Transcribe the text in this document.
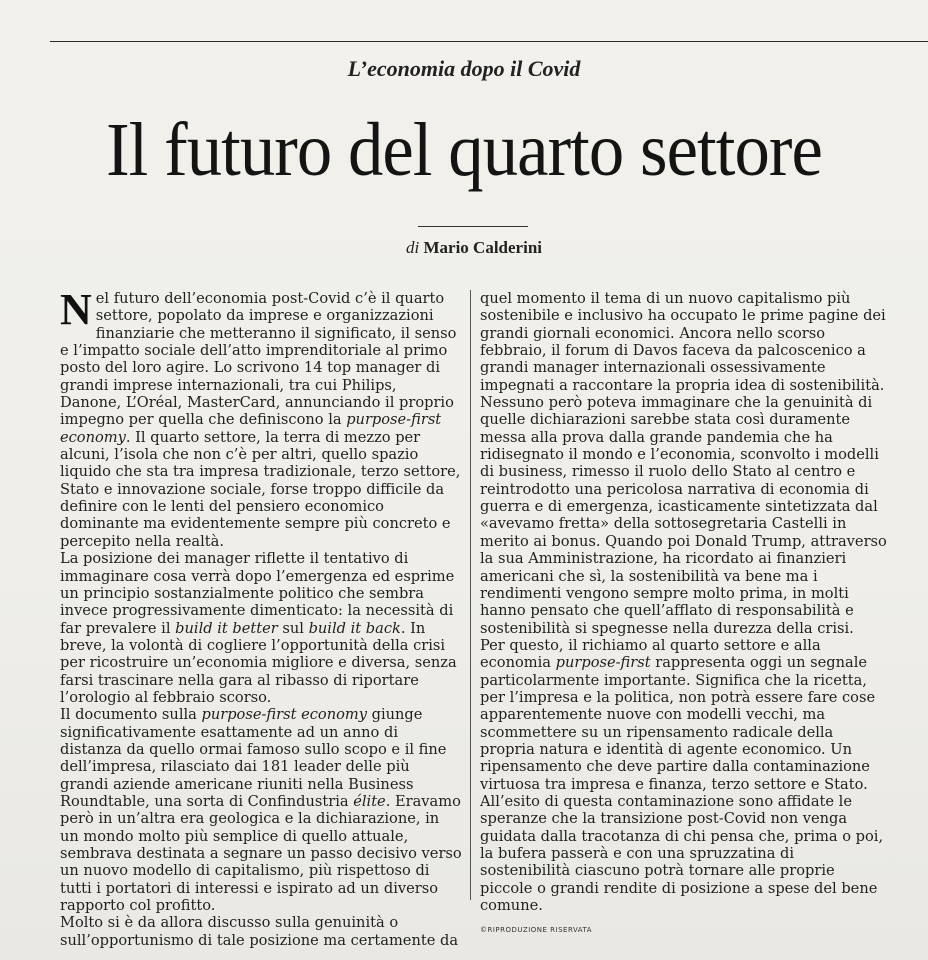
L’economia dopo il Covid
Il futuro del quarto settore
di Mario Calderini

Nel futuro dell’economia post-Covid c’è il quarto settore, popolato da imprese e organizzazioni finanziarie che metteranno il significato, il senso e l’impatto sociale dell’atto imprenditoriale al primo posto del loro agire. Lo scrivono 14 top manager di grandi imprese internazionali, tra cui Philips, Danone, L’Oréal, MasterCard, annunciando il proprio impegno per quella che definiscono la purpose-first economy. Il quarto settore, la terra di mezzo per alcuni, l’isola che non c’è per altri, quello spazio liquido che sta tra impresa tradizionale, terzo settore, Stato e innovazione sociale, forse troppo difficile da definire con le lenti del pensiero economico dominante ma evidentemente sempre più concreto e percepito nella realtà.

La posizione dei manager riflette il tentativo di immaginare cosa verrà dopo l’emergenza ed esprime un principio sostanzialmente politico che sembra invece progressivamente dimenticato: la necessità di far prevalere il build it better sul build it back. In breve, la volontà di cogliere l’opportunità della crisi per ricostruire un’economia migliore e diversa, senza farsi trascinare nella gara al ribasso di riportare l’orologio al febbraio scorso.

Il documento sulla purpose-first economy giunge significativamente esattamente ad un anno di distanza da quello ormai famoso sullo scopo e il fine dell’impresa, rilasciato dai 181 leader delle più grandi aziende americane riuniti nella Business Roundtable, una sorta di Confindustria élite. Eravamo però in un’altra era geologica e la dichiarazione, in un mondo molto più semplice di quello attuale, sembrava destinata a segnare un passo decisivo verso un nuovo modello di capitalismo, più rispettoso di tutti i portatori di interessi e ispirato ad un diverso rapporto col profitto.

Molto si è da allora discusso sulla genuinità o sull’opportunismo di tale posizione ma certamente da

quel momento il tema di un nuovo capitalismo più sostenibile e inclusivo ha occupato le prime pagine dei grandi giornali economici. Ancora nello scorso febbraio, il forum di Davos faceva da palcoscenico a grandi manager internazionali ossessivamente impegnati a raccontare la propria idea di sostenibilità.

Nessuno però poteva immaginare che la genuinità di quelle dichiarazioni sarebbe stata così duramente messa alla prova dalla grande pandemia che ha ridisegnato il mondo e l’economia, sconvolto i modelli di business, rimesso il ruolo dello Stato al centro e reintrodotto una pericolosa narrativa di economia di guerra e di emergenza, icasticamente sintetizzata dal «avevamo fretta» della sottosegretaria Castelli in merito ai bonus. Quando poi Donald Trump, attraverso la sua Amministrazione, ha ricordato ai finanzieri americani che sì, la sostenibilità va bene ma i rendimenti vengono sempre molto prima, in molti hanno pensato che quell’afflato di responsabilità e sostenibilità si spegnesse nella durezza della crisi.

Per questo, il richiamo al quarto settore e alla economia purpose-first rappresenta oggi un segnale particolarmente importante. Significa che la ricetta, per l’impresa e la politica, non potrà essere fare cose apparentemente nuove con modelli vecchi, ma scommettere su un ripensamento radicale della propria natura e identità di agente economico. Un ripensamento che deve partire dalla contaminazione virtuosa tra impresa e finanza, terzo settore e Stato.

All’esito di questa contaminazione sono affidate le speranze che la transizione post-Covid non venga guidata dalla tracotanza di chi pensa che, prima o poi, la bufera passerà e con una spruzzatina di sostenibilità ciascuno potrà tornare alle proprie piccole o grandi rendite di posizione a spese del bene comune.

©RIPRODUZIONE RISERVATA
